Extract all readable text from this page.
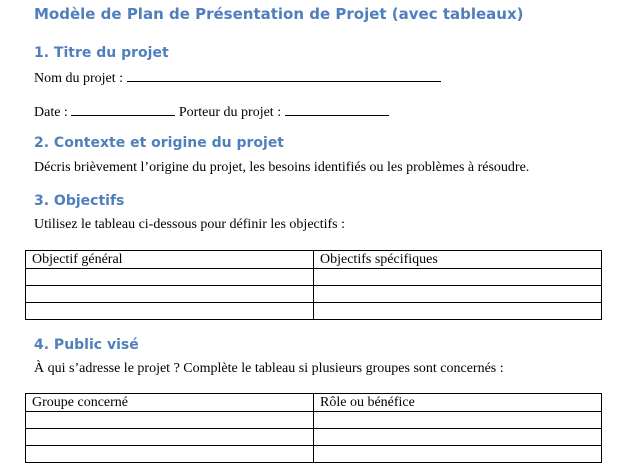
Modèle de Plan de Présentation de Projet (avec tableaux)
1. Titre du projet

Nom du projet :

Date :	Porteur du projet :

2. Contexte et origine du projet

Décris brièvement l’origine du projet, les besoins identifiés ou les problèmes à résoudre.

3. Objectifs

Utilisez le tableau ci-dessous pour définir les objectifs :

Objectif général	Objectifs spécifiques

4. Public visé

À qui s’adresse le projet ? Complète le tableau si plusieurs groupes sont concernés :

Groupe concerné	Rôle ou bénéfice
